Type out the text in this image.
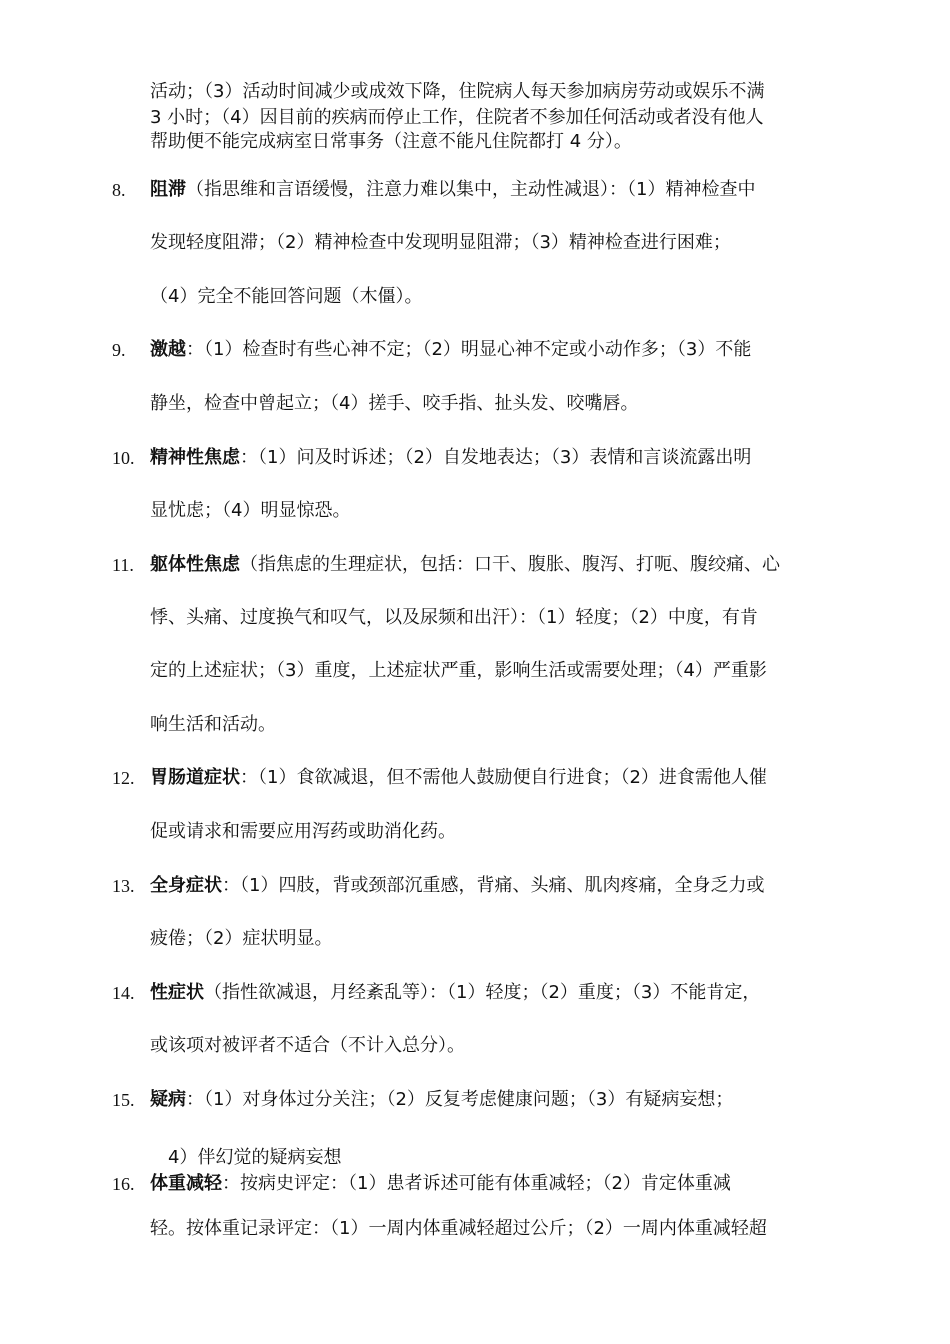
活动；（3）活动时间减少或成效下降，住院病人每天参加病房劳动或娱乐不满
3 小时；（4）因目前的疾病而停止工作，住院者不参加任何活动或者没有他人
帮助便不能完成病室日常事务（注意不能凡住院都打 4 分）。
8. 阻滞（指思维和言语缓慢，注意力难以集中，主动性减退）：（1）精神检查中
发现轻度阻滞；（2）精神检查中发现明显阻滞；（3）精神检查进行困难；
（4）完全不能回答问题（木僵）。
9. 激越：（1）检查时有些心神不定；（2）明显心神不定或小动作多；（3）不能
静坐，检查中曾起立；（4）搓手、咬手指、扯头发、咬嘴唇。
10. 精神性焦虑：（1）问及时诉述；（2）自发地表达；（3）表情和言谈流露出明
显忧虑；（4）明显惊恐。
11. 躯体性焦虑（指焦虑的生理症状，包括：口干、腹胀、腹泻、打呃、腹绞痛、心
悸、头痛、过度换气和叹气，以及尿频和出汗）：（1）轻度；（2）中度，有肯
定的上述症状；（3）重度，上述症状严重，影响生活或需要处理；（4）严重影
响生活和活动。
12. 胃肠道症状：（1）食欲减退，但不需他人鼓励便自行进食；（2）进食需他人催
促或请求和需要应用泻药或助消化药。
13. 全身症状：（1）四肢，背或颈部沉重感，背痛、头痛、肌肉疼痛，全身乏力或
疲倦；（2）症状明显。
14. 性症状（指性欲减退，月经紊乱等）：（1）轻度；（2）重度；（3）不能肯定，
或该项对被评者不适合（不计入总分）。
15. 疑病：（1）对身体过分关注；（2）反复考虑健康问题；（3）有疑病妄想；
4）伴幻觉的疑病妄想
16. 体重减轻：按病史评定：（1）患者诉述可能有体重减轻；（2）肯定体重减
轻。按体重记录评定：（1）一周内体重减轻超过公斤；（2）一周内体重减轻超
